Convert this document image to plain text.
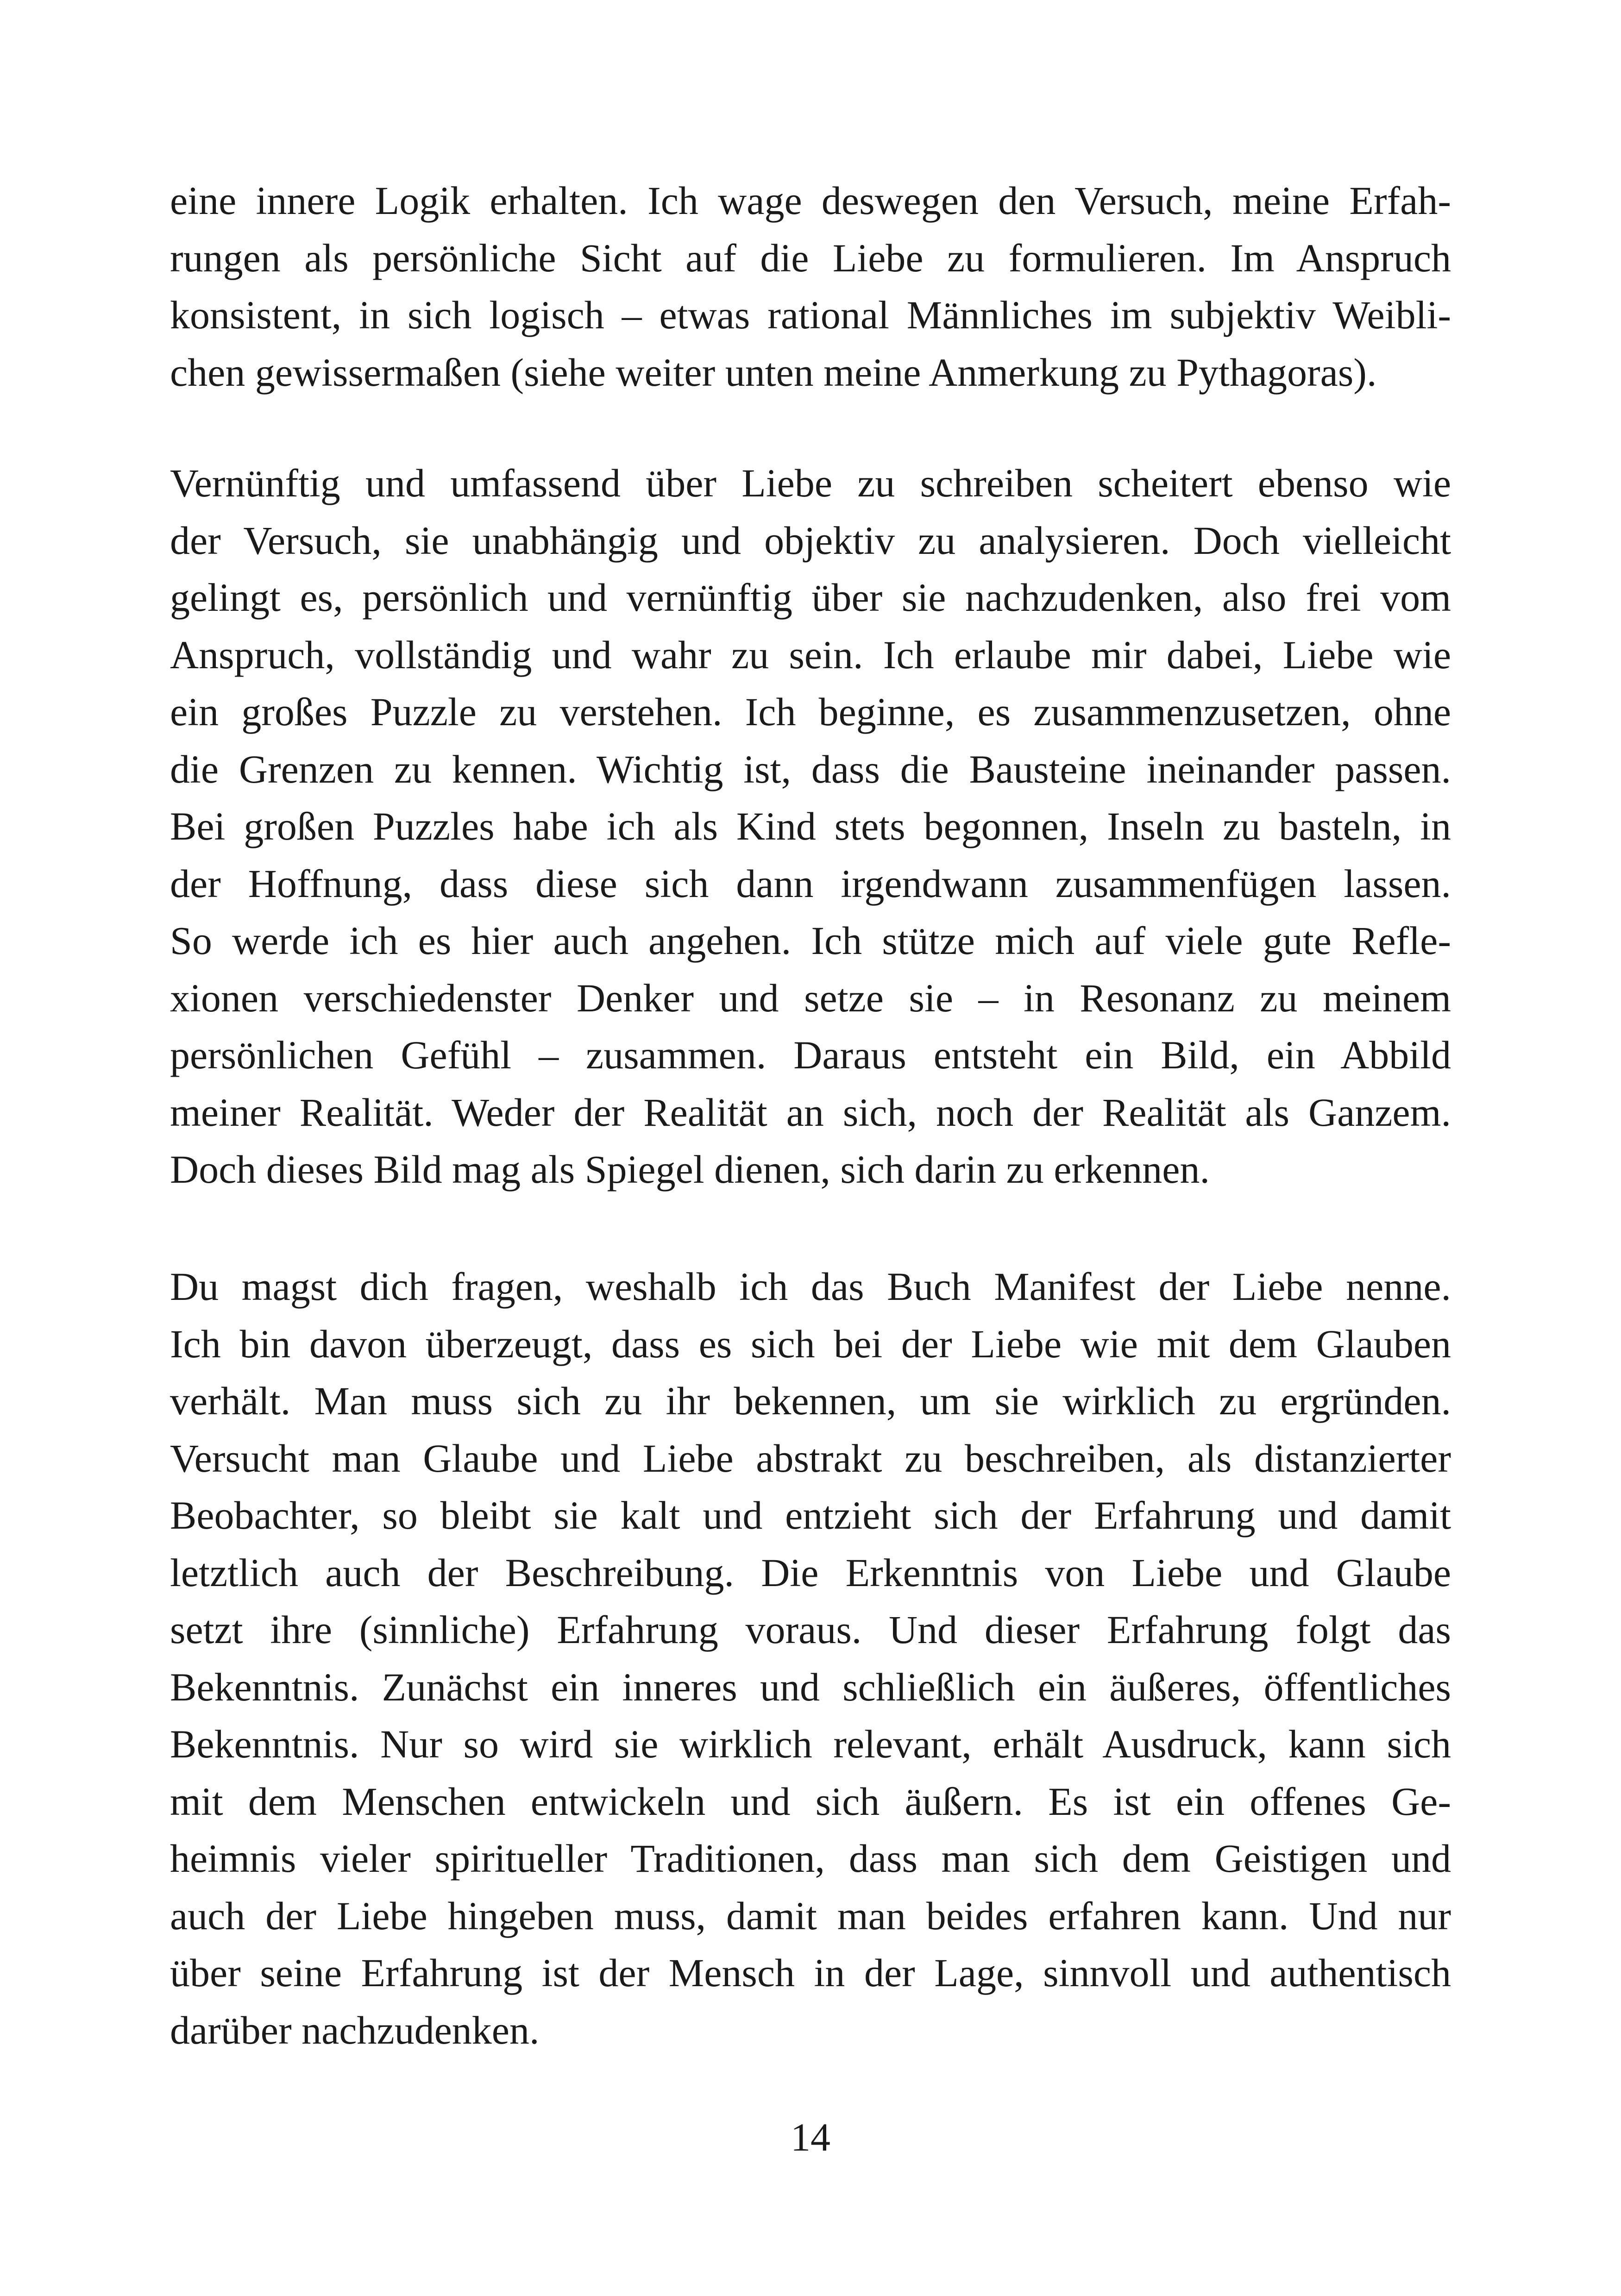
eine innere Logik erhalten. Ich wage deswegen den Versuch, meine Erfah-
rungen als persönliche Sicht auf die Liebe zu formulieren. Im Anspruch
konsistent, in sich logisch – etwas rational Männliches im subjektiv Weibli-
chen gewissermaßen (siehe weiter unten meine Anmerkung zu Pythagoras).
Vernünftig und umfassend über Liebe zu schreiben scheitert ebenso wie
der Versuch, sie unabhängig und objektiv zu analysieren. Doch vielleicht
gelingt es, persönlich und vernünftig über sie nachzudenken, also frei vom
Anspruch, vollständig und wahr zu sein. Ich erlaube mir dabei, Liebe wie
ein großes Puzzle zu verstehen. Ich beginne, es zusammenzusetzen, ohne
die Grenzen zu kennen. Wichtig ist, dass die Bausteine ineinander passen.
Bei großen Puzzles habe ich als Kind stets begonnen, Inseln zu basteln, in
der Hoffnung, dass diese sich dann irgendwann zusammenfügen lassen.
So werde ich es hier auch angehen. Ich stütze mich auf viele gute Refle-
xionen verschiedenster Denker und setze sie – in Resonanz zu meinem
persönlichen Gefühl – zusammen. Daraus entsteht ein Bild, ein Abbild
meiner Realität. Weder der Realität an sich, noch der Realität als Ganzem.
Doch dieses Bild mag als Spiegel dienen, sich darin zu erkennen.
Du magst dich fragen, weshalb ich das Buch Manifest der Liebe nenne.
Ich bin davon überzeugt, dass es sich bei der Liebe wie mit dem Glauben
verhält. Man muss sich zu ihr bekennen, um sie wirklich zu ergründen.
Versucht man Glaube und Liebe abstrakt zu beschreiben, als distanzierter
Beobachter, so bleibt sie kalt und entzieht sich der Erfahrung und damit
letztlich auch der Beschreibung. Die Erkenntnis von Liebe und Glaube
setzt ihre (sinnliche) Erfahrung voraus. Und dieser Erfahrung folgt das
Bekenntnis. Zunächst ein inneres und schließlich ein äußeres, öffentliches
Bekenntnis. Nur so wird sie wirklich relevant, erhält Ausdruck, kann sich
mit dem Menschen entwickeln und sich äußern. Es ist ein offenes Ge-
heimnis vieler spiritueller Traditionen, dass man sich dem Geistigen und
auch der Liebe hingeben muss, damit man beides erfahren kann. Und nur
über seine Erfahrung ist der Mensch in der Lage, sinnvoll und authentisch
darüber nachzudenken.
14
